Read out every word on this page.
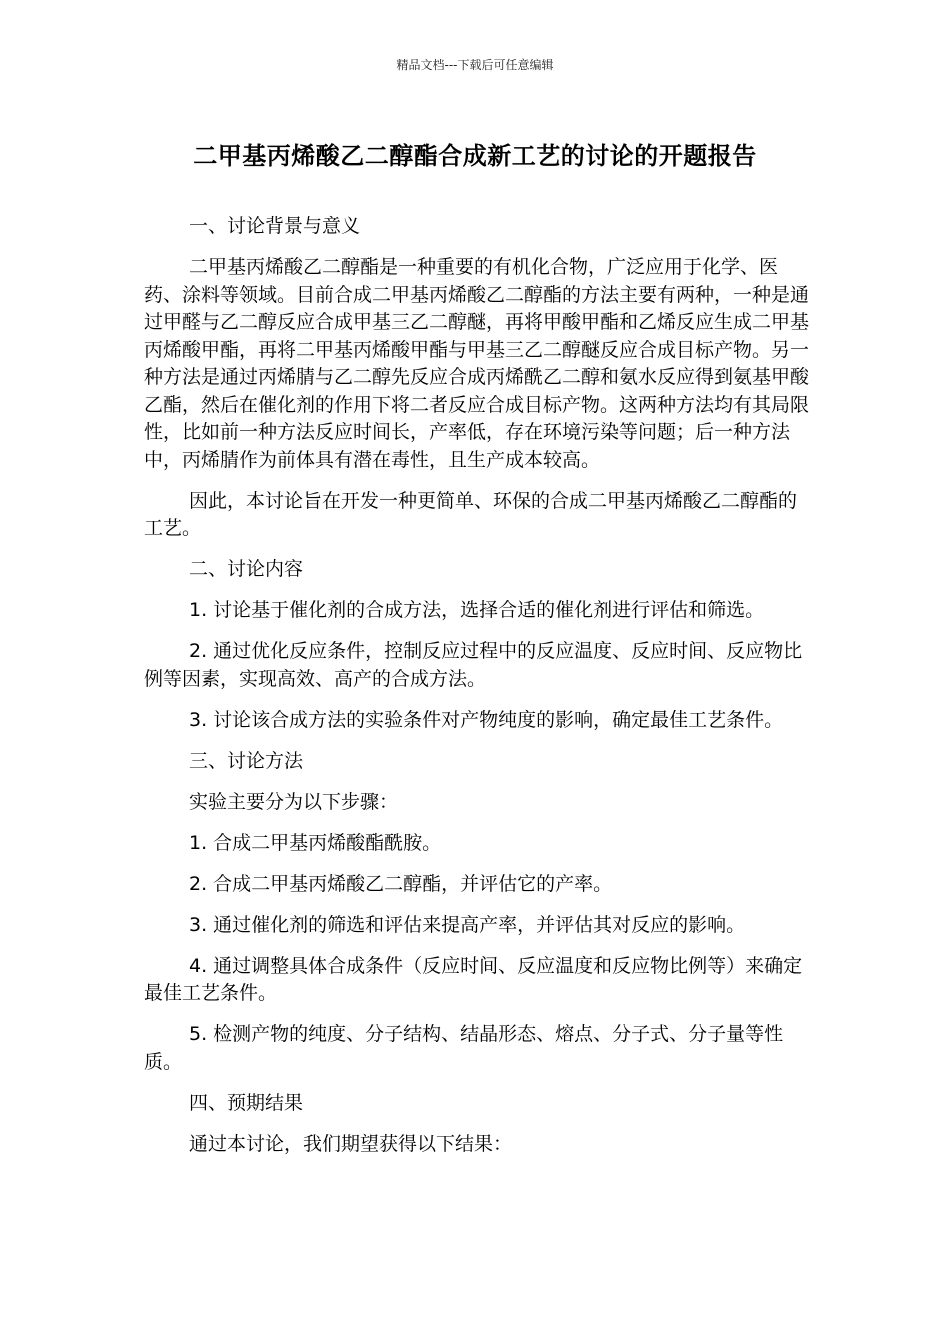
精品文档---下载后可任意编辑
二甲基丙烯酸乙二醇酯合成新工艺的讨论的开题报告

一、讨论背景与意义

二甲基丙烯酸乙二醇酯是一种重要的有机化合物，广泛应用于化学、医药、涂料等领域。目前合成二甲基丙烯酸乙二醇酯的方法主要有两种，一种是通过甲醛与乙二醇反应合成甲基三乙二醇醚，再将甲酸甲酯和乙烯反应生成二甲基丙烯酸甲酯，再将二甲基丙烯酸甲酯与甲基三乙二醇醚反应合成目标产物。另一种方法是通过丙烯腈与乙二醇先反应合成丙烯酰乙二醇和氨水反应得到氨基甲酸乙酯，然后在催化剂的作用下将二者反应合成目标产物。这两种方法均有其局限性，比如前一种方法反应时间长，产率低，存在环境污染等问题；后一种方法中，丙烯腈作为前体具有潜在毒性，且生产成本较高。

因此，本讨论旨在开发一种更简单、环保的合成二甲基丙烯酸乙二醇酯的工艺。

二、讨论内容

1. 讨论基于催化剂的合成方法，选择合适的催化剂进行评估和筛选。

2. 通过优化反应条件，控制反应过程中的反应温度、反应时间、反应物比例等因素，实现高效、高产的合成方法。

3. 讨论该合成方法的实验条件对产物纯度的影响，确定最佳工艺条件。

三、讨论方法

实验主要分为以下步骤：

1. 合成二甲基丙烯酸酯酰胺。

2. 合成二甲基丙烯酸乙二醇酯，并评估它的产率。

3. 通过催化剂的筛选和评估来提高产率，并评估其对反应的影响。

4. 通过调整具体合成条件（反应时间、反应温度和反应物比例等）来确定最佳工艺条件。

5. 检测产物的纯度、分子结构、结晶形态、熔点、分子式、分子量等性质。

四、预期结果

通过本讨论，我们期望获得以下结果：
